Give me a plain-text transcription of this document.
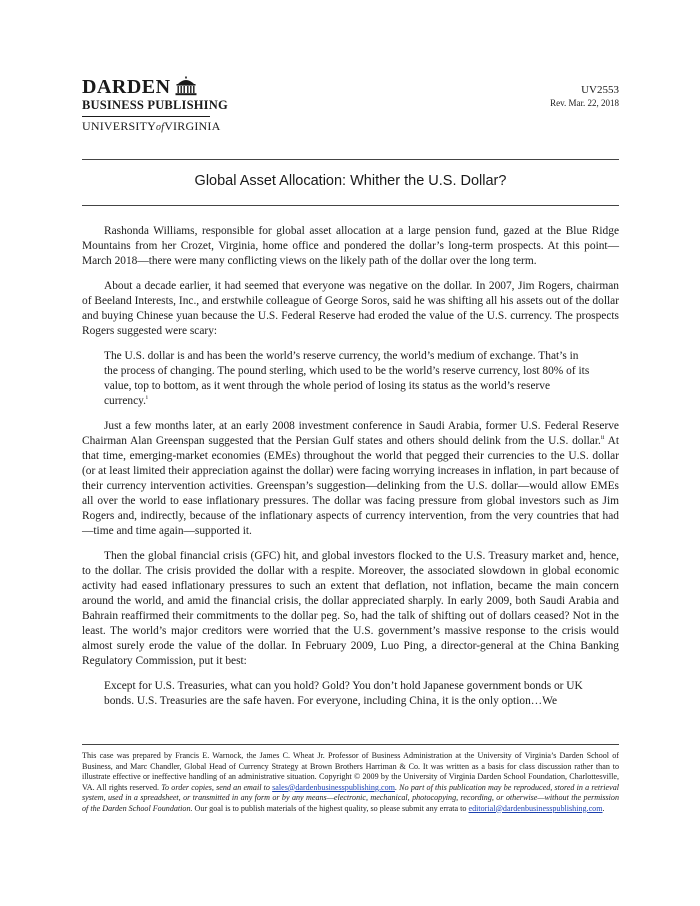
DARDEN
BUSINESS PUBLISHING
UNIVERSITYofVIRGINIA
UV2553
Rev. Mar. 22, 2018
Global Asset Allocation: Whither the U.S. Dollar?

Rashonda Williams, responsible for global asset allocation at a large pension fund, gazed at the Blue Ridge Mountains from her Crozet, Virginia, home office and pondered the dollar’s long-term prospects. At this point—March 2018—there were many conflicting views on the likely path of the dollar over the long term.

About a decade earlier, it had seemed that everyone was negative on the dollar. In 2007, Jim Rogers, chairman of Beeland Interests, Inc., and erstwhile colleague of George Soros, said he was shifting all his assets out of the dollar and buying Chinese yuan because the U.S. Federal Reserve had eroded the value of the U.S. currency. The prospects Rogers suggested were scary:

The U.S. dollar is and has been the world’s reserve currency, the world’s medium of exchange. That’s in the process of changing. The pound sterling, which used to be the world’s reserve currency, lost 80% of its value, top to bottom, as it went through the whole period of losing its status as the world’s reserve currency.$^i$

Just a few months later, at an early 2008 investment conference in Saudi Arabia, former U.S. Federal Reserve Chairman Alan Greenspan suggested that the Persian Gulf states and others should delink from the U.S. dollar.$^{ii}$ At that time, emerging-market economies (EMEs) throughout the world that pegged their currencies to the U.S. dollar (or at least limited their appreciation against the dollar) were facing worrying increases in inflation, in part because of their currency intervention activities. Greenspan’s suggestion—delinking from the U.S. dollar—would allow EMEs all over the world to ease inflationary pressures. The dollar was facing pressure from global investors such as Jim Rogers and, indirectly, because of the inflationary aspects of currency intervention, from the very countries that had—time and time again—supported it.

Then the global financial crisis (GFC) hit, and global investors flocked to the U.S. Treasury market and, hence, to the dollar. The crisis provided the dollar with a respite. Moreover, the associated slowdown in global economic activity had eased inflationary pressures to such an extent that deflation, not inflation, became the main concern around the world, and amid the financial crisis, the dollar appreciated sharply. In early 2009, both Saudi Arabia and Bahrain reaffirmed their commitments to the dollar peg. So, had the talk of shifting out of dollars ceased? Not in the least. The world’s major creditors were worried that the U.S. government’s massive response to the crisis would almost surely erode the value of the dollar. In February 2009, Luo Ping, a director-general at the China Banking Regulatory Commission, put it best:

Except for U.S. Treasuries, what can you hold? Gold? You don’t hold Japanese government bonds or UK bonds. U.S. Treasuries are the safe haven. For everyone, including China, it is the only option…We

This case was prepared by Francis E. Warnock, the James C. Wheat Jr. Professor of Business Administration at the University of Virginia’s Darden School of Business, and Marc Chandler, Global Head of Currency Strategy at Brown Brothers Harriman & Co. It was written as a basis for class discussion rather than to illustrate effective or ineffective handling of an administrative situation. Copyright © 2009 by the University of Virginia Darden School Foundation, Charlottesville, VA. All rights reserved. To order copies, send an email to sales@dardenbusinesspublishing.com. No part of this publication may be reproduced, stored in a retrieval system, used in a spreadsheet, or transmitted in any form or by any means—electronic, mechanical, photocopying, recording, or otherwise—without the permission of the Darden School Foundation. Our goal is to publish materials of the highest quality, so please submit any errata to editorial@dardenbusinesspublishing.com.
